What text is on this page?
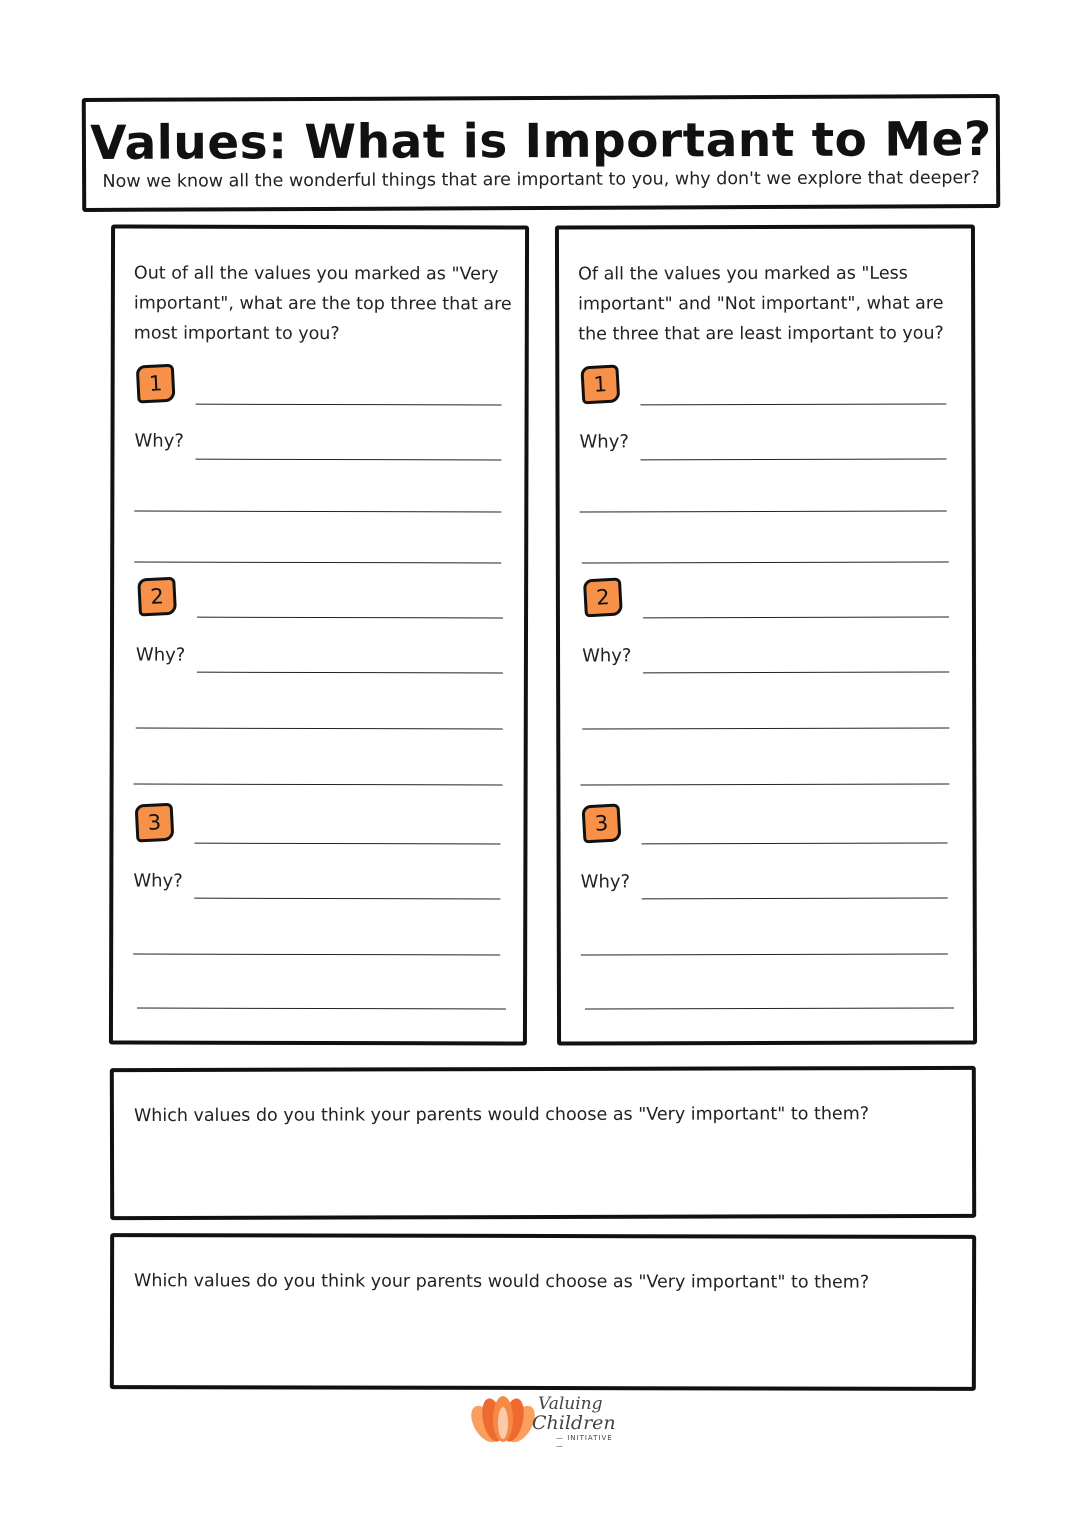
Values: What is Important to Me?
Now we know all the wonderful things that are important to you, why don't we explore that deeper?
Out of all the values you marked as "Very important", what are the top three that are most important to you?
1
Why?
2
Why?
3
Why?
Of all the values you marked as "Less important" and "Not important", what are the three that are least important to you?
1
Why?
2
Why?
3
Why?
Which values do you think your parents would choose as "Very important" to them?
Which values do you think your parents would choose as "Very important" to them?
Valuing
Children
— INITIATIVE —
